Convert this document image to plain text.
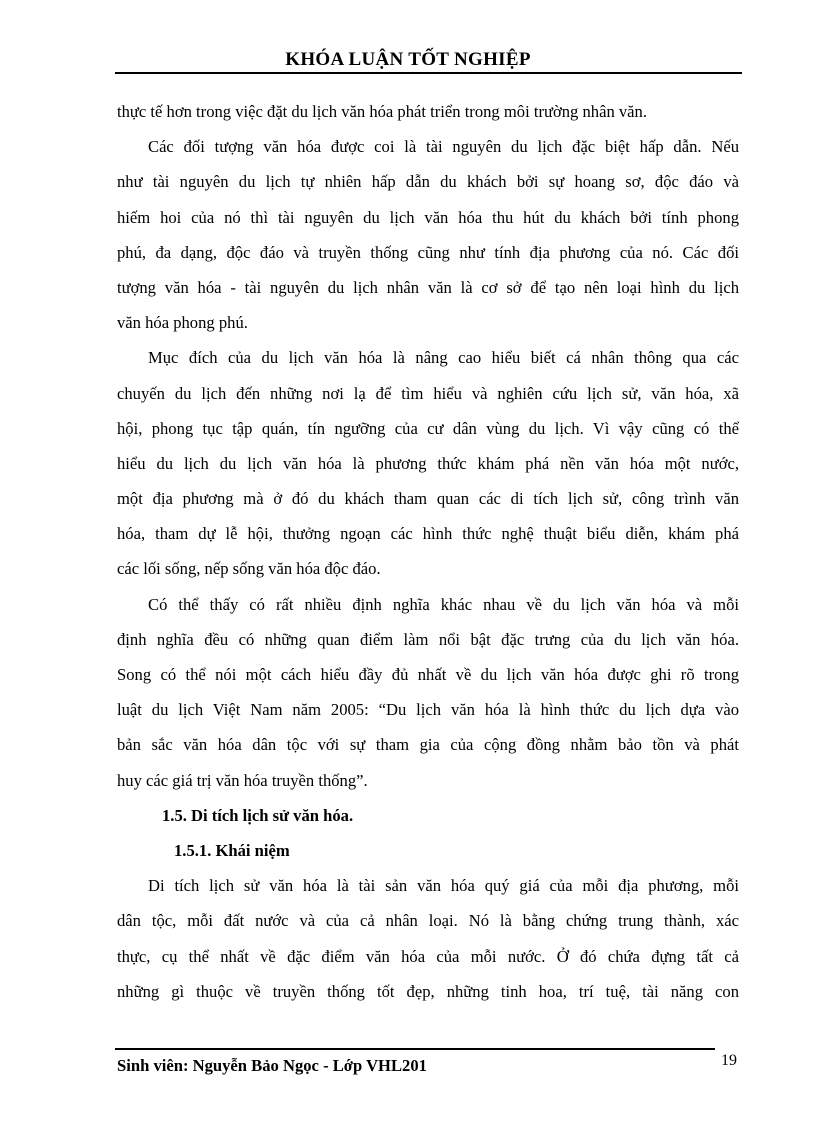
KHÓA LUẬN TỐT NGHIỆP
thực tế hơn trong việc đặt du lịch văn hóa phát triển trong môi trường nhân văn.
Các đối tượng văn hóa được coi là tài nguyên du lịch đặc biệt hấp dẫn. Nếu
như tài nguyên du lịch tự nhiên hấp dẫn du khách bởi sự hoang sơ, độc đáo và
hiếm hoi của nó thì tài nguyên du lịch văn hóa thu hút du khách bởi tính phong
phú, đa dạng, độc đáo và truyền thống cũng như tính địa phương của nó. Các đối
tượng văn hóa - tài nguyên du lịch nhân văn là cơ sở để tạo nên loại hình du lịch
văn hóa phong phú.
Mục đích của du lịch văn hóa là nâng cao hiểu biết cá nhân thông qua các
chuyến du lịch đến những nơi lạ để tìm hiểu và nghiên cứu lịch sử, văn hóa, xã
hội, phong tục tập quán, tín ngưỡng của cư dân vùng du lịch. Vì vậy cũng có thể
hiểu du lịch du lịch văn hóa là phương thức khám phá nền văn hóa một nước,
một địa phương mà ở đó du khách tham quan các di tích lịch sử, công trình văn
hóa, tham dự lễ hội, thưởng ngoạn các hình thức nghệ thuật biểu diễn, khám phá
các lối sống, nếp sống văn hóa độc đáo.
Có thể thấy có rất nhiều định nghĩa khác nhau về du lịch văn hóa và mỗi
định nghĩa đều có những quan điểm làm nổi bật đặc trưng của du lịch văn hóa.
Song có thể nói một cách hiểu đầy đủ nhất về du lịch văn hóa được ghi rõ trong
luật du lịch Việt Nam năm 2005: “Du lịch văn hóa là hình thức du lịch dựa vào
bản sắc văn hóa dân tộc với sự tham gia của cộng đồng nhằm bảo tồn và phát
huy các giá trị văn hóa truyền thống”.
1.5. Di tích lịch sử văn hóa.
1.5.1. Khái niệm
Di tích lịch sử văn hóa là tài sản văn hóa quý giá của mỗi địa phương, mỗi
dân tộc, mỗi đất nước và của cả nhân loại. Nó là bằng chứng trung thành, xác
thực, cụ thể nhất về đặc điểm văn hóa của mỗi nước. Ở đó chứa đựng tất cả
những gì thuộc về truyền thống tốt đẹp, những tinh hoa, trí tuệ, tài năng con
Sinh viên: Nguyễn Bảo Ngọc - Lớp VHL201	19
